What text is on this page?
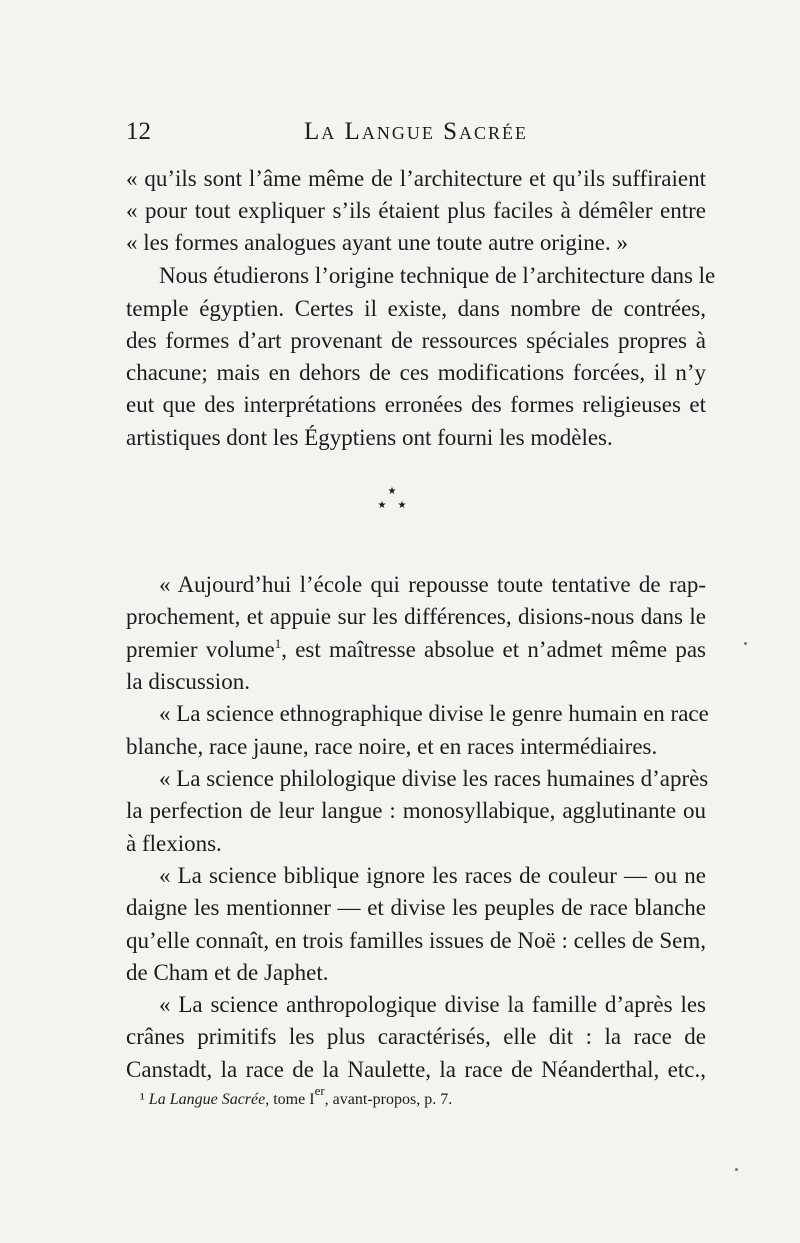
12	La Langue Sacrée
« qu’ils sont l’âme même de l’architecture et qu’ils suffiraient
« pour tout expliquer s’ils étaient plus faciles à démêler entre
« les formes analogues ayant une toute autre origine. »
Nous étudierons l’origine technique de l’architecture dans le
temple égyptien. Certes il existe, dans nombre de contrées,
des formes d’art provenant de ressources spéciales propres à
chacune; mais en dehors de ces modifications forcées, il n’y
eut que des interprétations erronées des formes religieuses et
artistiques dont les Égyptiens ont fourni les modèles.
★
★ ★
« Aujourd’hui l’école qui repousse toute tentative de rap-
prochement, et appuie sur les différences, disions-nous dans le
premier volume$^1$, est maîtresse absolue et n’admet même pas
la discussion.
« La science ethnographique divise le genre humain en race
blanche, race jaune, race noire, et en races intermédiaires.
« La science philologique divise les races humaines d’après
la perfection de leur langue : monosyllabique, agglutinante ou
à flexions.
« La science biblique ignore les races de couleur — ou ne
daigne les mentionner — et divise les peuples de race blanche
qu’elle connaît, en trois familles issues de Noë : celles de Sem,
de Cham et de Japhet.
« La science anthropologique divise la famille d’après les
crânes primitifs les plus caractérisés, elle dit : la race de
Canstadt, la race de la Naulette, la race de Néanderthal, etc.,
¹ La Langue Sacrée, tome Ier, avant-propos, p. 7.
